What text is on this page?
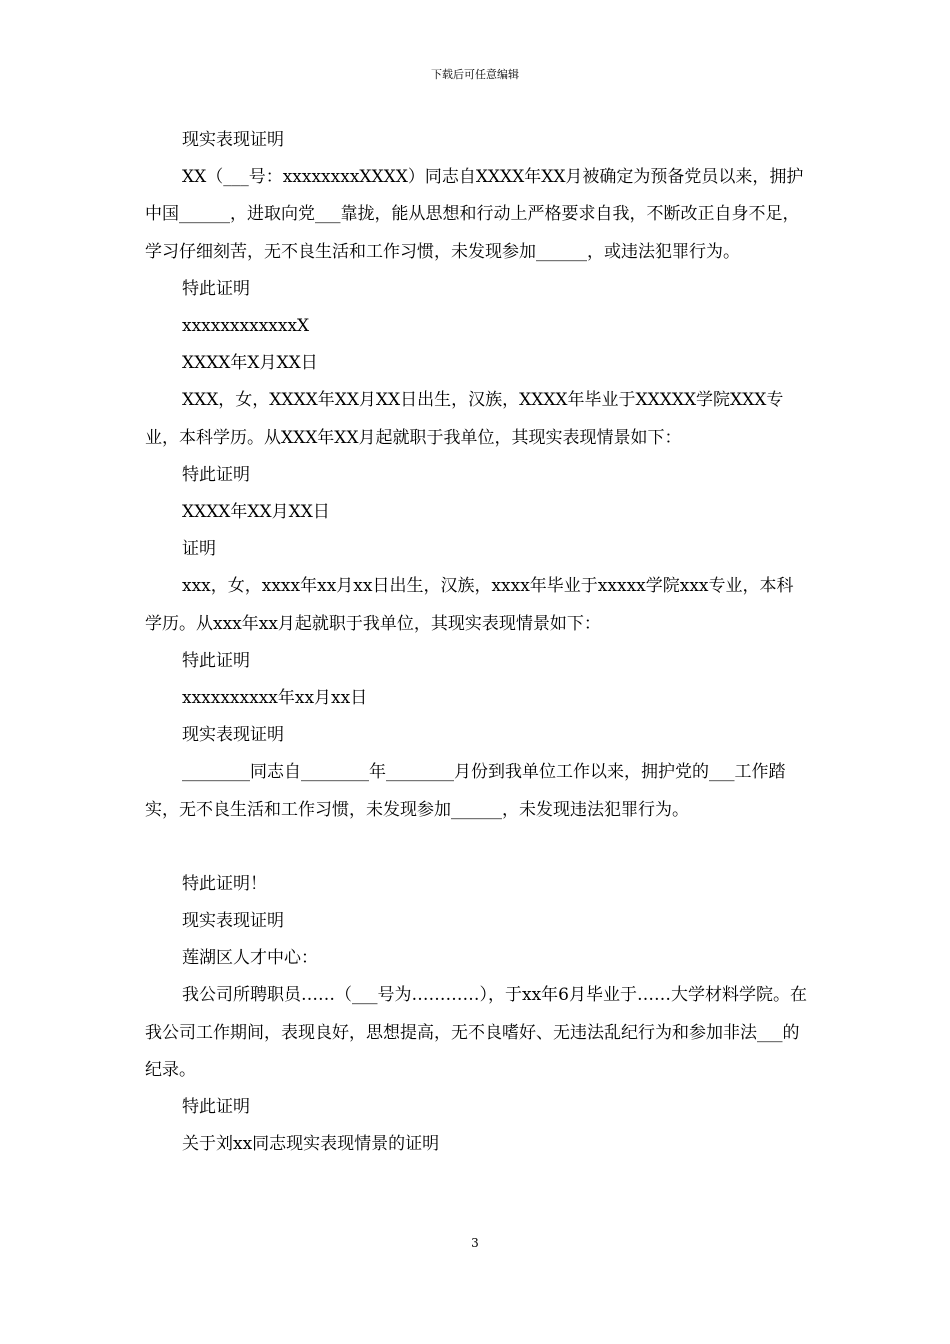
下载后可任意编辑

现实表现证明

XX（___号：xxxxxxxxXXXX）同志自XXXX年XX月被确定为预备党员以来，拥护中国______，进取向党___靠拢，能从思想和行动上严格要求自我，不断改正自身不足，学习仔细刻苦，无不良生活和工作习惯，未发现参加______，或违法犯罪行为。

特此证明

xxxxxxxxxxxxX

XXXX年X月XX日

XXX，女，XXXX年XX月XX日出生，汉族，XXXX年毕业于XXXXX学院XXX专业，本科学历。从XXX年XX月起就职于我单位，其现实表现情景如下：

特此证明

XXXX年XX月XX日

证明

xxx，女，xxxx年xx月xx日出生，汉族，xxxx年毕业于xxxxx学院xxx专业，本科学历。从xxx年xx月起就职于我单位，其现实表现情景如下：

特此证明

xxxxxxxxxx年xx月xx日

现实表现证明

________同志自________年________月份到我单位工作以来，拥护党的___工作踏实，无不良生活和工作习惯，未发现参加______，未发现违法犯罪行为。

特此证明！

现实表现证明

莲湖区人才中心：

我公司所聘职员……（___号为…………），于xx年6月毕业于……大学材料学院。在我公司工作期间，表现良好，思想提高，无不良嗜好、无违法乱纪行为和参加非法___的纪录。

特此证明

关于刘xx同志现实表现情景的证明

3
